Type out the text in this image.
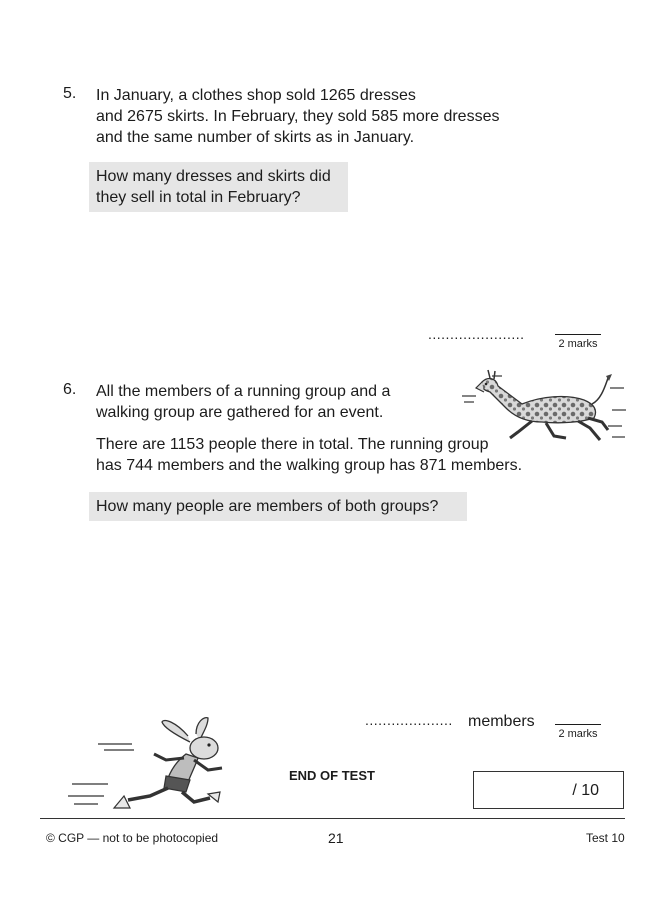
5. In January, a clothes shop sold 1265 dresses
and 2675 skirts. In February, they sold 585 more dresses
and the same number of skirts as in January.
How many dresses and skirts did
they sell in total in February?
......................
2 marks
6. All the members of a running group and a
walking group are gathered for an event.
There are 1153 people there in total. The running group
has 744 members and the walking group has 871 members.
How many people are members of both groups?
.................... members
2 marks
END OF TEST
/ 10
© CGP — not to be photocopied	21	Test 10
